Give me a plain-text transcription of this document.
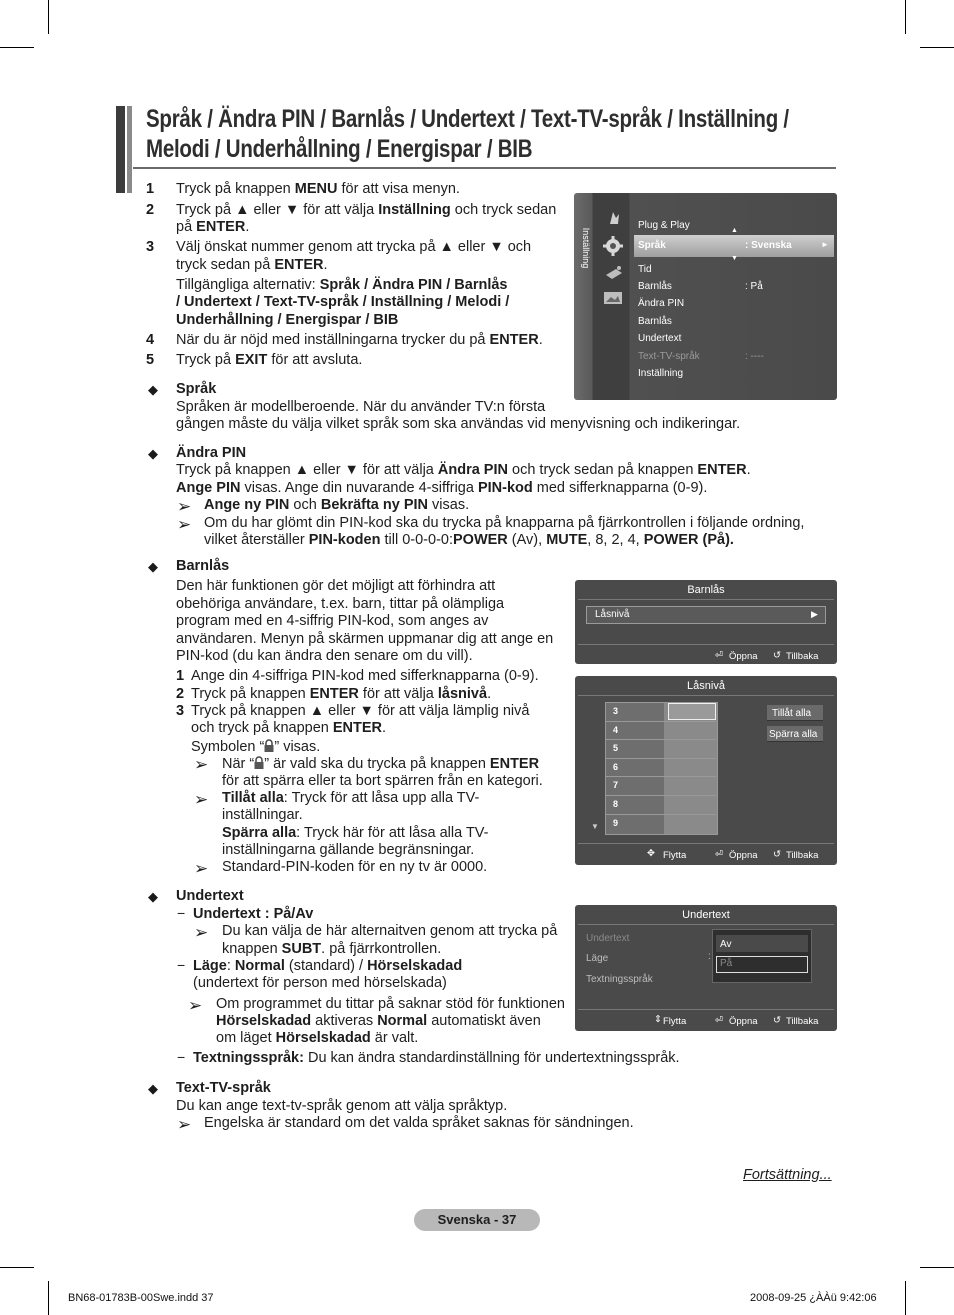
Språk / Ändra PIN / Barnlås / Undertext / Text-TV-språk / Inställning /
Melodi / Underhållning / Energispar / BIB
1 Tryck på knappen MENU för att visa menyn.
2 Tryck på ▲ eller ▼ för att välja Inställning och tryck sedan
på ENTER.
3 Välj önskat nummer genom att trycka på ▲ eller ▼ och
tryck sedan på ENTER.
Tillgängliga alternativ: Språk / Ändra PIN / Barnlås
/ Undertext / Text-TV-språk / Inställning / Melodi /
Underhållning / Energispar / BIB
4 När du är nöjd med inställningarna trycker du på ENTER.
5 Tryck på EXIT för att avsluta.
Inställning	▲
▼
Plug & Play
Språk	: Svenska	►
Tid
Barnlås	: På
Ändra PIN
Barnlås
Undertext
Text-TV-språk	: ----
Inställning
◆ Språk
Språken är modellberoende. När du använder TV:n första
gången måste du välja vilket språk som ska användas vid menyvisning och indikeringar.
◆ Ändra PIN
Tryck på knappen ▲ eller ▼ för att välja Ändra PIN och tryck sedan på knappen ENTER.
Ange PIN visas. Ange din nuvarande 4-siffriga PIN-kod med sifferknapparna (0-9).
➢ Ange ny PIN och Bekräfta ny PIN visas.
➢ Om du har glömt din PIN-kod ska du trycka på knapparna på fjärrkontrollen i följande ordning,
vilket återställer PIN-koden till 0-0-0-0:POWER (Av), MUTE, 8, 2, 4, POWER (På).
◆ Barnlås
Den här funktionen gör det möjligt att förhindra att
obehöriga användare, t.ex. barn, tittar på olämpliga
program med en 4-siffrig PIN-kod, som anges av
användaren. Menyn på skärmen uppmanar dig att ange en
PIN-kod (du kan ändra den senare om du vill).
1 Ange din 4-siffriga PIN-kod med sifferknapparna (0-9).
2 Tryck på knappen ENTER för att välja låsnivå.
3 Tryck på knappen ▲ eller ▼ för att välja lämplig nivå
och tryck på knappen ENTER.
Symbolen “ ” visas.
➢ När “ ” är vald ska du trycka på knappen ENTER
för att spärra eller ta bort spärren från en kategori.
➢ Tillåt alla: Tryck för att låsa upp alla TV-
inställningar.
Spärra alla: Tryck här för att låsa alla TV-
inställningarna gällande begränsningar.
➢ Standard-PIN-koden för en ny tv är 0000.
Barnlås
Låsnivå	▶
⏎ Öppna ↺ Tillbaka
Låsnivå
3
4
5
6
7
8
9
▼
Tillåt alla
Spärra alla
✥ Flytta	⏎ Öppna ↺ Tillbaka
◆ Undertext
− Undertext : På/Av
➢ Du kan välja de här alternaitven genom att trycka på
knappen SUBT. på fjärrkontrollen.
− Läge: Normal (standard) / Hörselskadad
(undertext för person med hörselskada)
➢ Om programmet du tittar på saknar stöd för funktionen
Hörselskadad aktiveras Normal automatiskt även
om läget Hörselskadad är valt.
− Textningsspråk: Du kan ändra standardinställning för undertextningsspråk.
Undertext
Undertext
Läge	:
Textningsspråk
Av
På
⇕ Flytta	⏎ Öppna ↺ Tillbaka
◆ Text-TV-språk
Du kan ange text-tv-språk genom att välja språktyp.
➢ Engelska är standard om det valda språket saknas för sändningen.
Fortsättning...
Svenska - 37
BN68-01783B-00Swe.indd 37	2008-09-25 ¿ÀÀü 9:42:06
